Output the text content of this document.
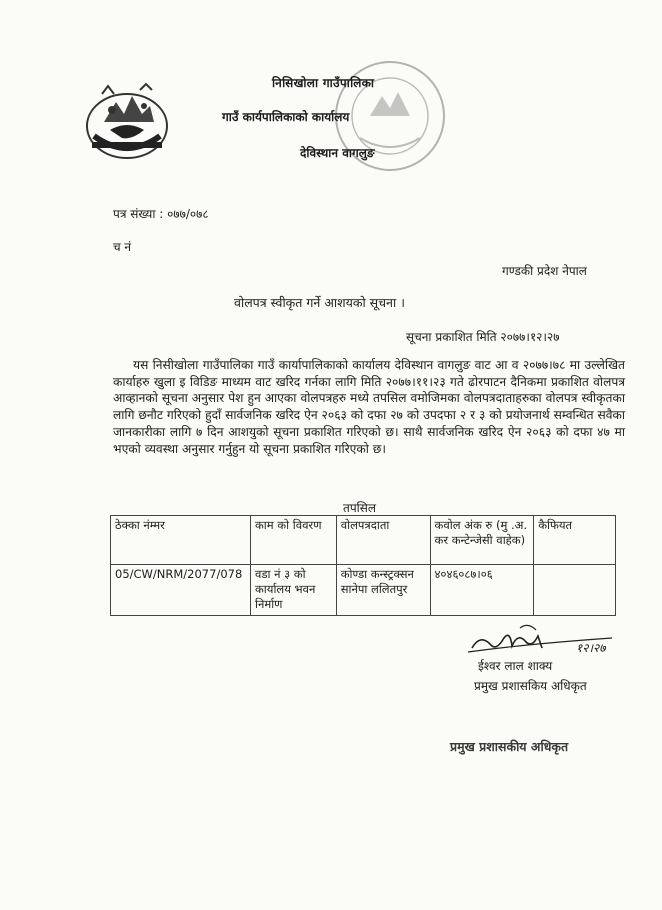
निसिखोला गाउँपालिका
गाउँ कार्यपालिकाको कार्यालय
देविस्थान वागलुङ
पत्र संख्या : ०७७/०७८
च नं
गण्डकी प्रदेश नेपाल
वोलपत्र स्वीकृत गर्ने आशयको सूचना ।
सूचना प्रकाशित मिति २०७७।१२।२७
यस निसीखोला गाउँपालिका गाउँ कार्यापालिकाको कार्यालय देविस्थान वागलुङ वाट आ व २०७७।७८ मा उल्लेखित कार्याहरु खुला इ विडिङ माध्यम वाट खरिद गर्नका लागि मिति २०७७।११।२३ गते ढोरपाटन दैनिकमा प्रकाशित वोलपत्र आव्हानको सूचना अनुसार पेश हुन आएका वोलपत्रहरु मध्ये तपसिल वमोजिमका वोलपत्रदाताहरुका वोलपत्र स्वीकृतका लागि छनौट गरिएको हुदाँ सार्वजनिक खरिद ऐन २०६३ को दफा २७ को उपदफा २ र ३ को प्रयोजनार्थ सम्वन्धित सवैका जानकारीका लागि ७ दिन आशयुको सूचना प्रकाशित गरिएको छ। साथै सार्वजनिक खरिद ऐन २०६३ को दफा ४७ मा भएको व्यवस्था अनुसार गर्नुहुन यो सूचना प्रकाशित गरिएको छ।
तपसिल
ठेक्का नंम्मर	काम को विवरण	वोलपत्रदाता	कवोल अंक रु (मु .अ. कर कन्टेन्जेसी वाहेक)	कैफियत
05/CW/NRM/2077/078	वडा नं ३ को कार्यालय भवन निर्माण	कोण्डा कन्स्ट्रक्सन सानेपा ललितपुर	४०४६०८७।०६	
१२।२७
ईश्वर लाल शाक्य
प्रमुख प्रशासकिय अधिकृत
प्रमुख प्रशासकीय अधिकृत
